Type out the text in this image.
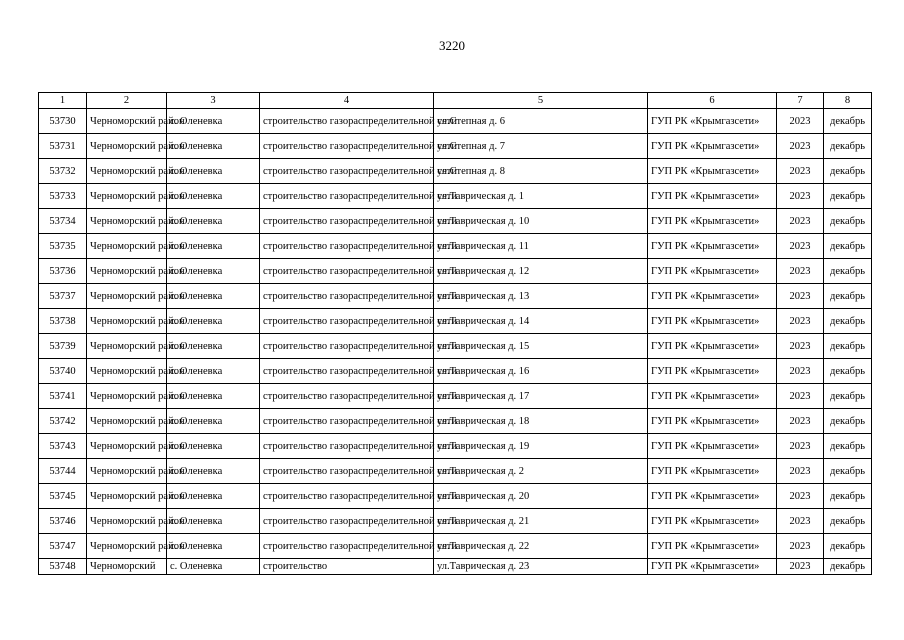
3220
1	2	3	4	5	6	7	8
53730	Черноморский район	с. Оленевка	строительство газораспределительной сети	ул.Степная д. 6	ГУП РК «Крымгазсети»	2023	декабрь
53731	Черноморский район	с. Оленевка	строительство газораспределительной сети	ул.Степная д. 7	ГУП РК «Крымгазсети»	2023	декабрь
53732	Черноморский район	с. Оленевка	строительство газораспределительной сети	ул.Степная д. 8	ГУП РК «Крымгазсети»	2023	декабрь
53733	Черноморский район	с. Оленевка	строительство газораспределительной сети	ул.Таврическая д. 1	ГУП РК «Крымгазсети»	2023	декабрь
53734	Черноморский район	с. Оленевка	строительство газораспределительной сети	ул.Таврическая д. 10	ГУП РК «Крымгазсети»	2023	декабрь
53735	Черноморский район	с. Оленевка	строительство газораспределительной сети	ул.Таврическая д. 11	ГУП РК «Крымгазсети»	2023	декабрь
53736	Черноморский район	с. Оленевка	строительство газораспределительной сети	ул.Таврическая д. 12	ГУП РК «Крымгазсети»	2023	декабрь
53737	Черноморский район	с. Оленевка	строительство газораспределительной сети	ул.Таврическая д. 13	ГУП РК «Крымгазсети»	2023	декабрь
53738	Черноморский район	с. Оленевка	строительство газораспределительной сети	ул.Таврическая д. 14	ГУП РК «Крымгазсети»	2023	декабрь
53739	Черноморский район	с. Оленевка	строительство газораспределительной сети	ул.Таврическая д. 15	ГУП РК «Крымгазсети»	2023	декабрь
53740	Черноморский район	с. Оленевка	строительство газораспределительной сети	ул.Таврическая д. 16	ГУП РК «Крымгазсети»	2023	декабрь
53741	Черноморский район	с. Оленевка	строительство газораспределительной сети	ул.Таврическая д. 17	ГУП РК «Крымгазсети»	2023	декабрь
53742	Черноморский район	с. Оленевка	строительство газораспределительной сети	ул.Таврическая д. 18	ГУП РК «Крымгазсети»	2023	декабрь
53743	Черноморский район	с. Оленевка	строительство газораспределительной сети	ул.Таврическая д. 19	ГУП РК «Крымгазсети»	2023	декабрь
53744	Черноморский район	с. Оленевка	строительство газораспределительной сети	ул.Таврическая д. 2	ГУП РК «Крымгазсети»	2023	декабрь
53745	Черноморский район	с. Оленевка	строительство газораспределительной сети	ул.Таврическая д. 20	ГУП РК «Крымгазсети»	2023	декабрь
53746	Черноморский район	с. Оленевка	строительство газораспределительной сети	ул.Таврическая д. 21	ГУП РК «Крымгазсети»	2023	декабрь
53747	Черноморский район	с. Оленевка	строительство газораспределительной сети	ул.Таврическая д. 22	ГУП РК «Крымгазсети»	2023	декабрь
53748	Черноморский	с. Оленевка	строительство	ул.Таврическая д. 23	ГУП РК «Крымгазсети»	2023	декабрь
